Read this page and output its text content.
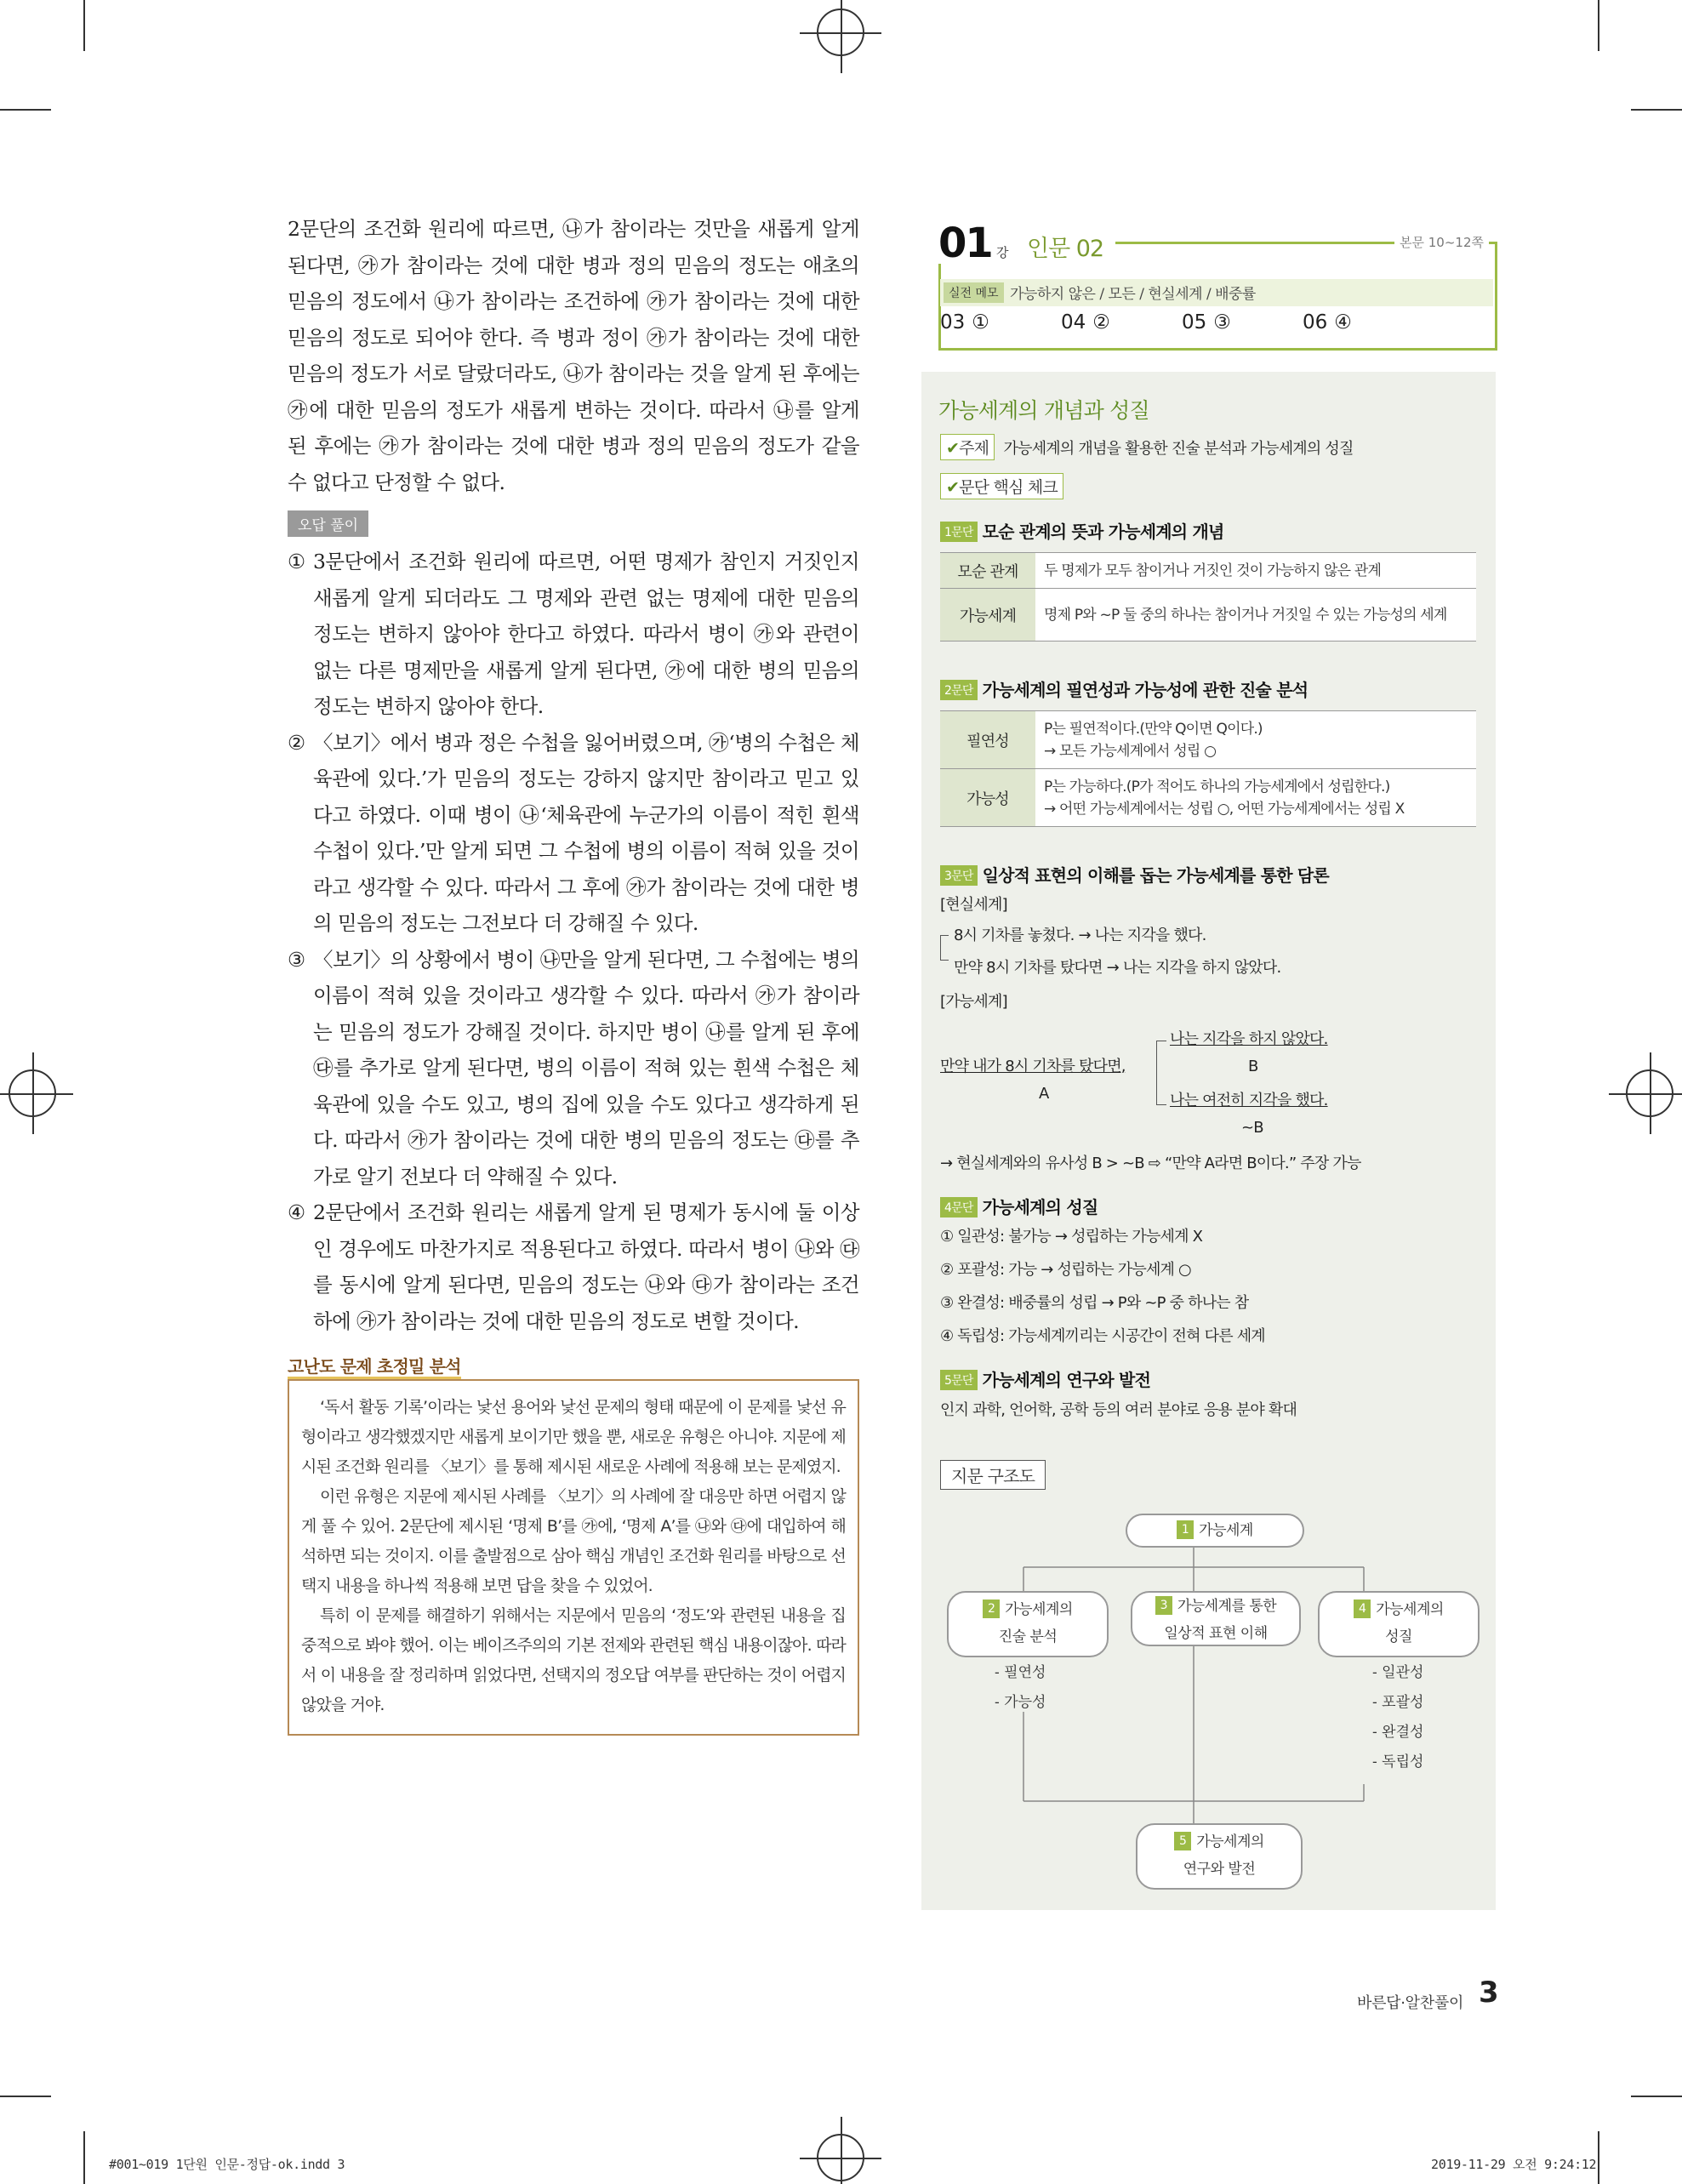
2문단의 조건화 원리에 따르면, ㉯가 참이라는 것만을 새롭게 알게 된다면, ㉮가 참이라는 것에 대한 병과 정의 믿음의 정도는 애초의 믿음의 정도에서 ㉯가 참이라는 조건하에 ㉮가 참이라는 것에 대한 믿음의 정도로 되어야 한다. 즉 병과 정이 ㉮가 참이라는 것에 대한 믿음의 정도가 서로 달랐더라도, ㉯가 참이라는 것을 알게 된 후에는 ㉮에 대한 믿음의 정도가 새롭게 변하는 것이다. 따라서 ㉯를 알게 된 후에는 ㉮가 참이라는 것에 대한 병과 정의 믿음의 정도가 같을 수 없다고 단정할 수 없다.

오답 풀이
① 3문단에서 조건화 원리에 따르면, 어떤 명제가 참인지 거짓인지 새롭게 알게 되더라도 그 명제와 관련 없는 명제에 대한 믿음의 정도는 변하지 않아야 한다고 하였다. 따라서 병이 ㉮와 관련이 없는 다른 명제만을 새롭게 알게 된다면, ㉮에 대한 병의 믿음의 정도는 변하지 않아야 한다.
② 〈보기〉에서 병과 정은 수첩을 잃어버렸으며, ㉮‘병의 수첩은 체육관에 있다.’가 믿음의 정도는 강하지 않지만 참이라고 믿고 있다고 하였다. 이때 병이 ㉯‘체육관에 누군가의 이름이 적힌 흰색 수첩이 있다.’만 알게 되면 그 수첩에 병의 이름이 적혀 있을 것이라고 생각할 수 있다. 따라서 그 후에 ㉮가 참이라는 것에 대한 병의 믿음의 정도는 그전보다 더 강해질 수 있다.
③ 〈보기〉의 상황에서 병이 ㉯만을 알게 된다면, 그 수첩에는 병의 이름이 적혀 있을 것이라고 생각할 수 있다. 따라서 ㉮가 참이라는 믿음의 정도가 강해질 것이다. 하지만 병이 ㉯를 알게 된 후에 ㉰를 추가로 알게 된다면, 병의 이름이 적혀 있는 흰색 수첩은 체육관에 있을 수도 있고, 병의 집에 있을 수도 있다고 생각하게 된다. 따라서 ㉮가 참이라는 것에 대한 병의 믿음의 정도는 ㉰를 추가로 알기 전보다 더 약해질 수 있다.
④ 2문단에서 조건화 원리는 새롭게 알게 된 명제가 동시에 둘 이상인 경우에도 마찬가지로 적용된다고 하였다. 따라서 병이 ㉯와 ㉰를 동시에 알게 된다면, 믿음의 정도는 ㉯와 ㉰가 참이라는 조건하에 ㉮가 참이라는 것에 대한 믿음의 정도로 변할 것이다.
고난도 문제 초정밀 분석

‘독서 활동 기록’이라는 낯선 용어와 낯선 문제의 형태 때문에 이 문제를 낯선 유형이라고 생각했겠지만 새롭게 보이기만 했을 뿐, 새로운 유형은 아니야. 지문에 제시된 조건화 원리를 〈보기〉를 통해 제시된 새로운 사례에 적용해 보는 문제였지.

이런 유형은 지문에 제시된 사례를 〈보기〉의 사례에 잘 대응만 하면 어렵지 않게 풀 수 있어. 2문단에 제시된 ‘명제 B’를 ㉮에, ‘명제 A’를 ㉯와 ㉰에 대입하여 해석하면 되는 것이지. 이를 출발점으로 삼아 핵심 개념인 조건화 원리를 바탕으로 선택지 내용을 하나씩 적용해 보면 답을 찾을 수 있었어.

특히 이 문제를 해결하기 위해서는 지문에서 믿음의 ‘정도’와 관련된 내용을 집중적으로 봐야 했어. 이는 베이즈주의의 기본 전제와 관련된 핵심 내용이잖아. 따라서 이 내용을 잘 정리하며 읽었다면, 선택지의 정오답 여부를 판단하는 것이 어렵지 않았을 거야.

01 강 인문 02	본문 10~12쪽
실전 메모 가능하지 않은 / 모든 / 현실세계 / 배중률
03 ①	04 ②	05 ③	06 ④
가능세계의 개념과 성질
✔주제 가능세계의 개념을 활용한 진술 분석과 가능세계의 성질
✔문단 핵심 체크
1문단 모순 관계의 뜻과 가능세계의 개념
모순 관계	두 명제가 모두 참이거나 거짓인 것이 가능하지 않은 관계
가능세계	명제 P와 ~P 둘 중의 하나는 참이거나 거짓일 수 있는 가능성의 세계
2문단 가능세계의 필연성과 가능성에 관한 진술 분석
필연성	P는 필연적이다.(만약 Q이면 Q이다.)
→ 모든 가능세계에서 성립 ○

가능성	P는 가능하다.(P가 적어도 하나의 가능세계에서 성립한다.)
→ 어떤 가능세계에서는 성립 ○, 어떤 가능세계에서는 성립 X
3문단 일상적 표현의 이해를 돕는 가능세계를 통한 담론
[현실세계]
8시 기차를 놓쳤다. → 나는 지각을 했다.
만약 8시 기차를 탔다면 → 나는 지각을 하지 않았다.
[가능세계]
만약 내가 8시 기차를 탔다면,
A
나는 지각을 하지 않았다.
B
나는 여전히 지각을 했다.
~B
→ 현실세계와의 유사성 B > ~B ⇨ “만약 A라면 B이다.” 주장 가능
4문단 가능세계의 성질
① 일관성: 불가능 → 성립하는 가능세계 X
② 포괄성: 가능 → 성립하는 가능세계 ○
③ 완결성: 배중률의 성립 → P와 ~P 중 하나는 참
④ 독립성: 가능세계끼리는 시공간이 전혀 다른 세계
5문단 가능세계의 연구와 발전
인지 과학, 언어학, 공학 등의 여러 분야로 응용 분야 확대
지문 구조도
1 가능세계
2 가능세계의
진술 분석
3 가능세계를 통한
일상적 표현 이해
4 가능세계의
성질
5 가능세계의
연구와 발전
- 필연성
- 가능성
- 일관성
- 포괄성
- 완결성
- 독립성
바른답·알찬풀이 3
#001~019 1단원 인문-정답-ok.indd 3	2019-11-29 오전 9:24:12
